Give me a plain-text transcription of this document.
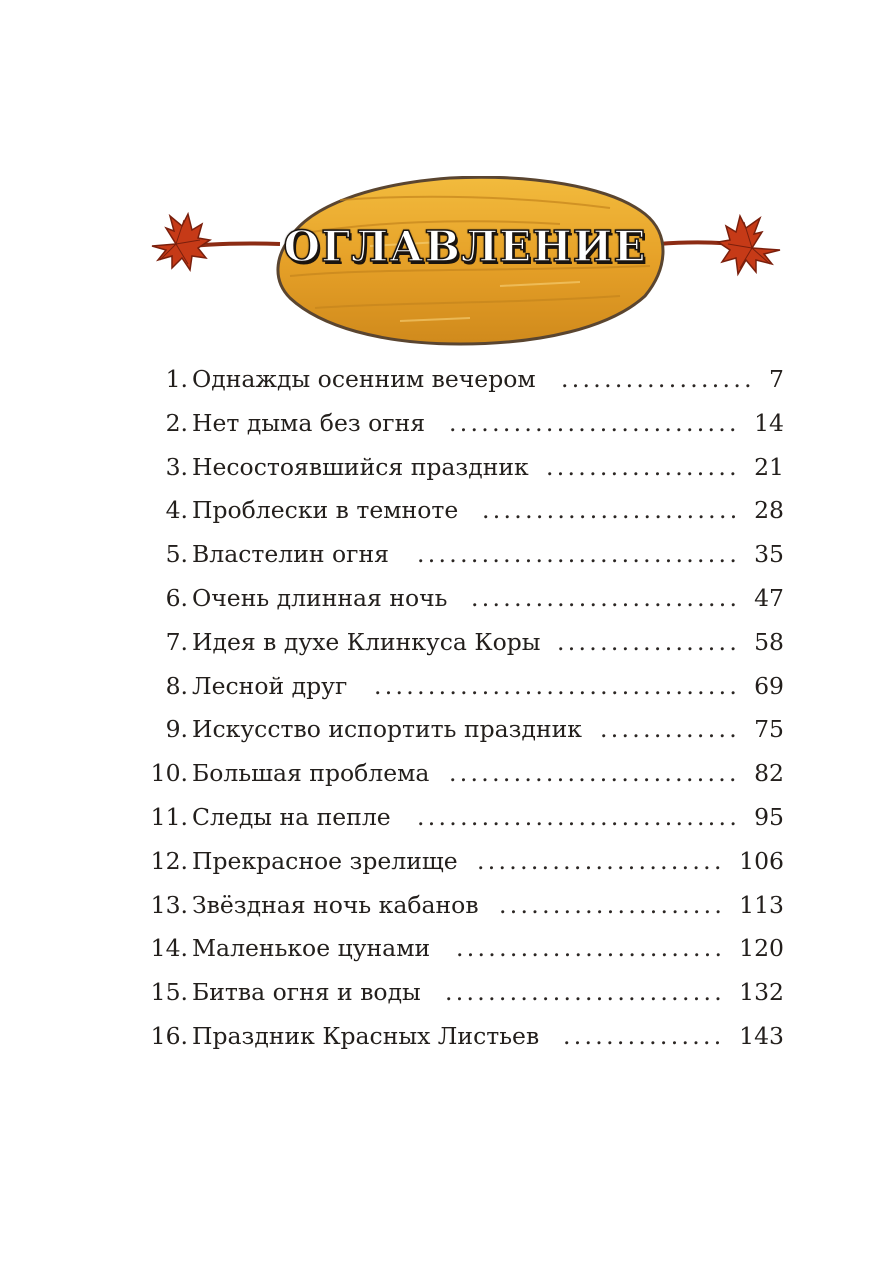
ОГЛАВЛЕНИЕ
1. Однажды осенним вечером .................. 7
2. Нет дыма без огня ........................... 14
3. Несостоявшийся праздник .................. 21
4. Проблески в темноте ........................ 28
5. Властелин огня .............................. 35
6. Очень длинная ночь ......................... 47
7. Идея в духе Клинкуса Коры ................. 58
8. Лесной друг .................................. 69
9. Искусство испортить праздник ............. 75
10. Большая проблема ........................... 82
11. Следы на пепле .............................. 95
12. Прекрасное зрелище ....................... 106
13. Звёздная ночь кабанов ..................... 113
14. Маленькое цунами ......................... 120
15. Битва огня и воды .......................... 132
16. Праздник Красных Листьев ............... 143
